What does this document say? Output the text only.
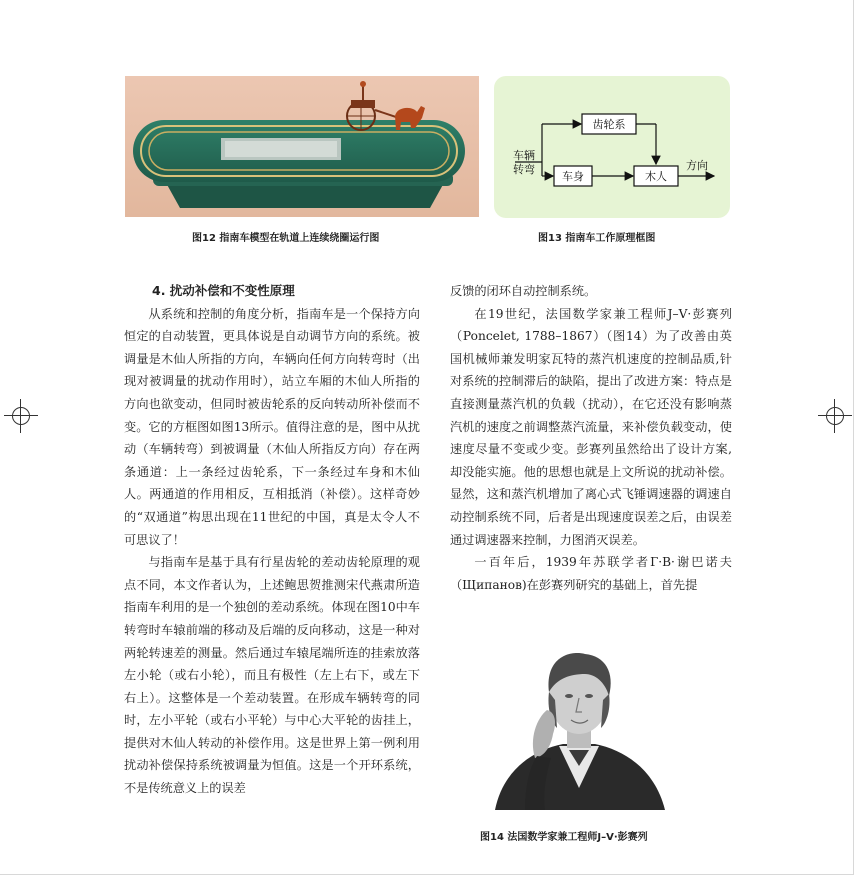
图12 指南车模型在轨道上连续绕圈运行图
车辆
转弯
齿轮系
车身	木人
方向
图13 指南车工作原理框图
4. 扰动补偿和不变性原理

从系统和控制的角度分析，指南车是一个保持方向恒定的自动装置，更具体说是自动调节方向的系统。被调量是木仙人所指的方向，车辆向任何方向转弯时（出现对被调量的扰动作用时），站立车厢的木仙人所指的方向也欲变动，但同时被齿轮系的反向转动所补偿而不变。它的方框图如图13所示。值得注意的是，图中从扰动（车辆转弯）到被调量（木仙人所指反方向）存在两条通道：上一条经过齿轮系，下一条经过车身和木仙人。两通道的作用相反，互相抵消（补偿）。这样奇妙的“双通道”构思出现在11世纪的中国，真是太令人不可思议了！

与指南车是基于具有行星齿轮的差动齿轮原理的观点不同，本文作者认为，上述鲍思贺推测宋代燕肃所造指南车利用的是一个独创的差动系统。体现在图10中车转弯时车辕前端的移动及后端的反向移动，这是一种对两轮转速差的测量。然后通过车辕尾端所连的挂索放落左小轮（或右小轮），而且有极性（左上右下，或左下右上）。这整体是一个差动装置。在形成车辆转弯的同时，左小平轮（或右小平轮）与中心大平轮的齿挂上，提供对木仙人转动的补偿作用。这是世界上第一例利用扰动补偿保持系统被调量为恒值。这是一个开环系统，不是传统意义上的误差

反馈的闭环自动控制系统。

在19世纪，法国数学家兼工程师J–V·彭赛列（Poncelet, 1788–1867）（图14）为了改善由英国机械师兼发明家瓦特的蒸汽机速度的控制品质,针对系统的控制滞后的缺陷，提出了改进方案：特点是直接测量蒸汽机的负载（扰动），在它还没有影响蒸汽机的速度之前调整蒸汽流量，来补偿负载变动，使速度尽量不变或少变。彭赛列虽然给出了设计方案, 却没能实施。他的思想也就是上文所说的扰动补偿。显然，这和蒸汽机增加了离心式飞锤调速器的调速自动控制系统不同，后者是出现速度误差之后，由误差通过调速器来控制，力图消灭误差。

一百年后，1939年苏联学者Г·В·谢巴诺夫（Щипанов)在彭赛列研究的基础上，首先提

图14 法国数学家兼工程师J–V·彭赛列
